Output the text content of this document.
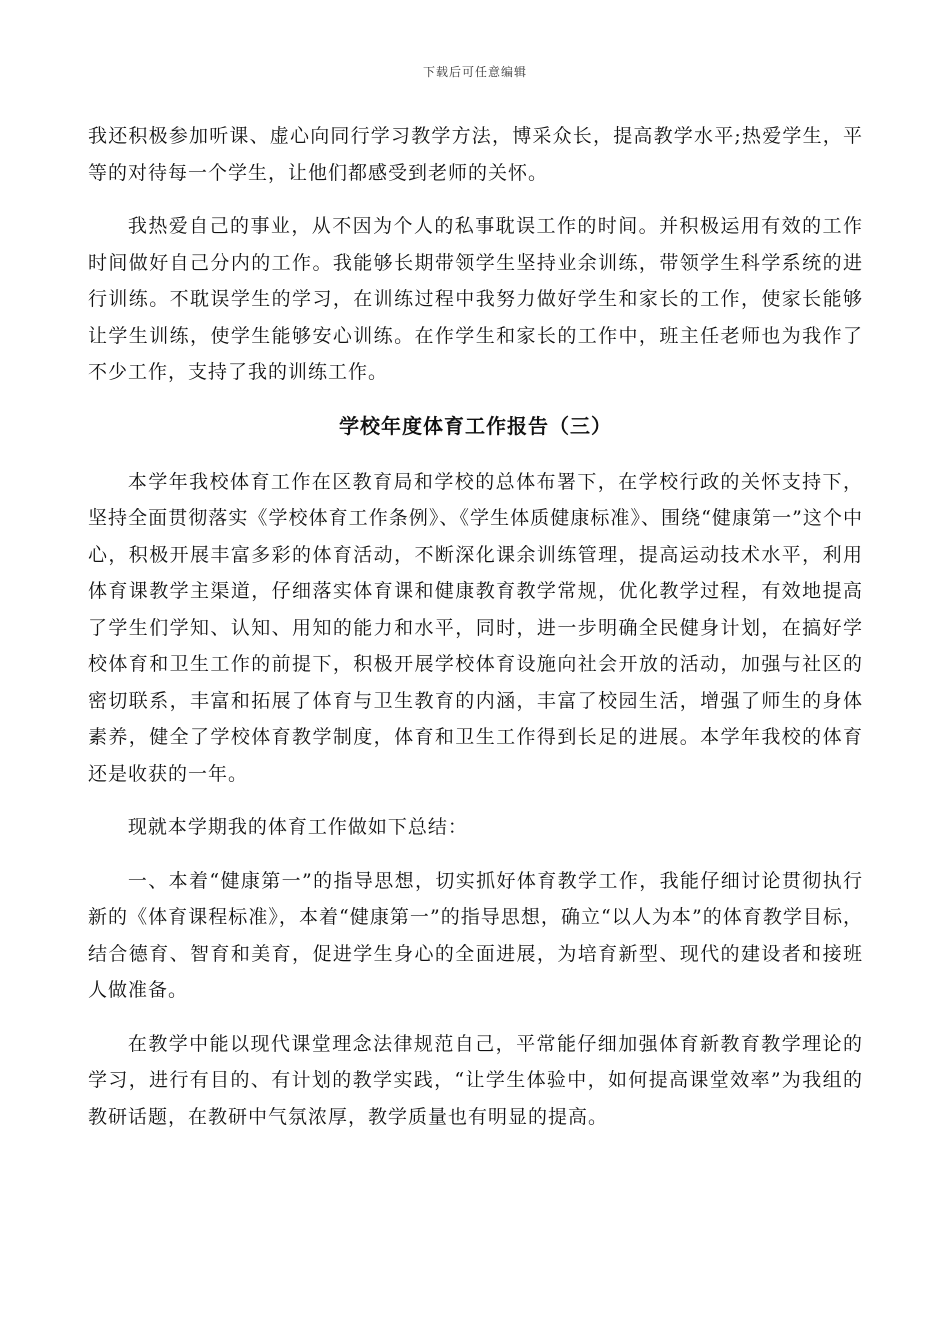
下载后可任意编辑

我还积极参加听课、虚心向同行学习教学方法，博采众长，提高教学水平;热爱学生，平等的对待每一个学生，让他们都感受到老师的关怀。

我热爱自己的事业，从不因为个人的私事耽误工作的时间。并积极运用有效的工作时间做好自己分内的工作。我能够长期带领学生坚持业余训练，带领学生科学系统的进行训练。不耽误学生的学习，在训练过程中我努力做好学生和家长的工作，使家长能够让学生训练，使学生能够安心训练。在作学生和家长的工作中，班主任老师也为我作了不少工作，支持了我的训练工作。

学校年度体育工作报告（三）

本学年我校体育工作在区教育局和学校的总体布署下，在学校行政的关怀支持下，坚持全面贯彻落实《学校体育工作条例》、《学生体质健康标准》、围绕“健康第一”这个中心，积极开展丰富多彩的体育活动，不断深化课余训练管理，提高运动技术水平，利用体育课教学主渠道，仔细落实体育课和健康教育教学常规，优化教学过程，有效地提高了学生们学知、认知、用知的能力和水平，同时，进一步明确全民健身计划，在搞好学校体育和卫生工作的前提下，积极开展学校体育设施向社会开放的活动，加强与社区的密切联系，丰富和拓展了体育与卫生教育的内涵，丰富了校园生活，增强了师生的身体素养，健全了学校体育教学制度，体育和卫生工作得到长足的进展。本学年我校的体育还是收获的一年。

现就本学期我的体育工作做如下总结：

一、本着“健康第一”的指导思想，切实抓好体育教学工作，我能仔细讨论贯彻执行新的《体育课程标准》，本着“健康第一”的指导思想，确立“以人为本”的体育教学目标，结合德育、智育和美育，促进学生身心的全面进展，为培育新型、现代的建设者和接班人做准备。

在教学中能以现代课堂理念法律规范自己，平常能仔细加强体育新教育教学理论的学习，进行有目的、有计划的教学实践，“让学生体验中，如何提高课堂效率”为我组的教研话题，在教研中气氛浓厚，教学质量也有明显的提高。
